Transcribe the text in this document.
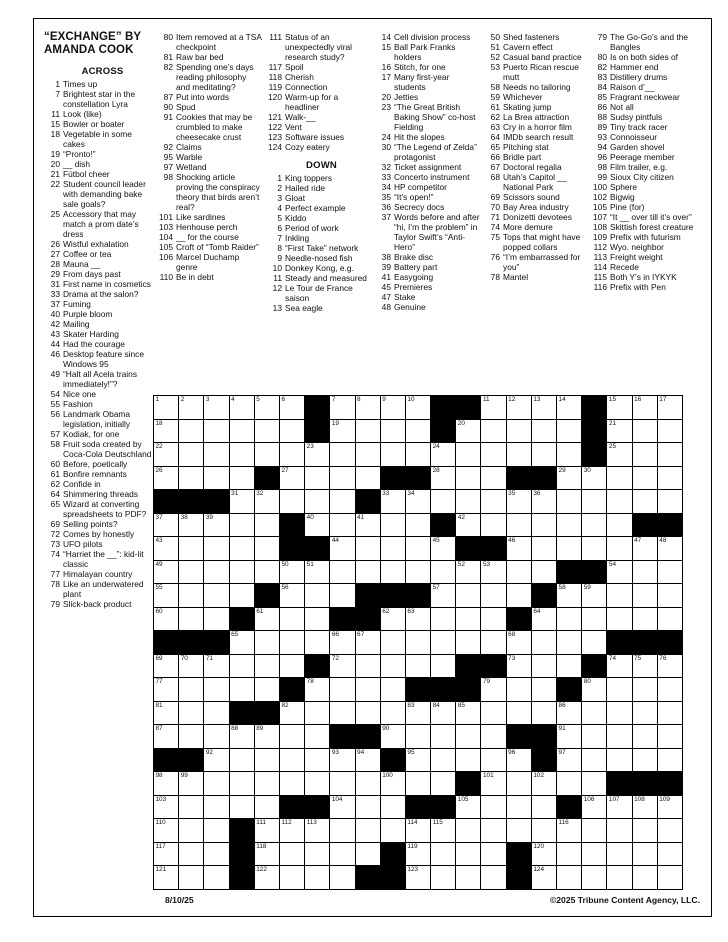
“EXCHANGE” BY
AMANDA COOK
ACROSS
1 Times up
7 Brightest star in the constellation Lyra
11 Look (like)
15 Bowler or boater
18 Vegetable in some cakes
19 “Pronto!”
20 __ dish
21 Fútbol cheer
22 Student council leader with demanding bake sale goals?
25 Accessory that may match a prom date’s dress
26 Wistful exhalation
27 Coffee or tea
28 Mauna __
29 From days past
31 First name in cosmetics
33 Drama at the salon?
37 Fuming
40 Purple bloom
42 Mailing
43 Skater Harding
44 Had the courage
46 Desktop feature since Windows 95
49 “Halt all Acela trains immediately!”?
54 Nice one
55 Fashion
56 Landmark Obama legislation, initially
57 Kodiak, for one
58 Fruit soda created by Coca-Cola Deutschland
60 Before, poetically
61 Bonfire remnants
62 Confide in
64 Shimmering threads
65 Wizard at converting spreadsheets to PDF?
69 Selling points?
72 Comes by honestly
73 UFO pilots
74 “Harriet the __”: kid-lit classic
77 Himalayan country
78 Like an underwatered plant
79 Slick-back product
80 Item removed at a TSA checkpoint
81 Raw bar bed
82 Spending one’s days reading philosophy and meditating?
87 Put into words
90 Spud
91 Cookies that may be crumbled to make cheesecake crust
92 Claims
95 Warble
97 Wetland
98 Shocking article proving the conspiracy theory that birds aren’t real?
101 Like sardines
103 Henhouse perch
104 __ for the course
105 Croft of “Tomb Raider”
106 Marcel Duchamp genre
110 Be in debt
111 Status of an unexpectedly viral research study?
117 Spoil
118 Cherish
119 Connection
120 Warm-up for a headliner
121 Walk-__
122 Vent
123 Software issues
124 Cozy eatery
DOWN
1 King toppers
2 Hailed ride
3 Gloat
4 Perfect example
5 Kiddo
6 Period of work
7 Inkling
8 “First Take” network
9 Needle-nosed fish
10 Donkey Kong, e.g.
11 Steady and measured
12 Le Tour de France saison
13 Sea eagle
14 Cell division process
15 Ball Park Franks holders
16 Stitch, for one
17 Many first-year students
20 Jetties
23 “The Great British Baking Show” co-host Fielding
24 Hit the slopes
30 “The Legend of Zelda” protagonist
32 Ticket assignment
33 Concerto instrument
34 HP competitor
35 “It’s open!”
36 Secrecy docs
37 Words before and after “hi, I’m the problem” in Taylor Swift’s “Anti-Hero”
38 Brake disc
39 Battery part
41 Easygoing
45 Premieres
47 Stake
48 Genuine
50 Shed fasteners
51 Cavern effect
52 Casual band practice
53 Puerto Rican rescue mutt
58 Needs no tailoring
59 Whichever
61 Skating jump
62 La Brea attraction
63 Cry in a horror film
64 IMDb search result
65 Pitching stat
66 Bridle part
67 Doctoral regalia
68 Utah’s Capitol __ National Park
69 Scissors sound
70 Bay Area industry
71 Donizetti devotees
74 More demure
75 Tops that might have popped collars
76 “I’m embarrassed for you”
78 Mantel
79 The Go-Go’s and the Bangles
80 Is on both sides of
82 Hammer end
83 Distillery drums
84 Raison d’__
85 Fragrant neckwear
86 Not all
88 Sudsy pintfuls
89 Tiny track racer
93 Connoisseur
94 Garden shovel
96 Peerage member
98 Film trailer, e.g.
99 Sioux City citizen
100 Sphere
102 Bigwig
105 Pine (for)
107 “It __ over till it’s over”
108 Skittish forest creature
109 Prefix with futurism
112 Wyo. neighbor
113 Freight weight
114 Recede
115 Both Y’s in IYKYK
116 Prefix with Pen
1	2	3	4	5	6	7	8	9	10	11	12	13	14	15	16	17
18	19	20	21
22	23	24	25
26	27	28	29	30
31	32	33	34	35	36
37	38	39	40	41	42
43	44	45	46	47	48
49	50	51	52	53	54
55	56	57	58	59
60	61	62	63	64
65	66	67	68
69	70	71	72	73	74	75	76
77	78	79	80
81	82	83	84	85	86
87	88	89	90	91
92	93	94	95	96	97
98	99	100	101	102
103	104	105	106 107 108 109
110	111 112 113	114 115	116
117	118	119	120
121	122	123	124
8/10/25	©2025 Tribune Content Agency, LLC.
